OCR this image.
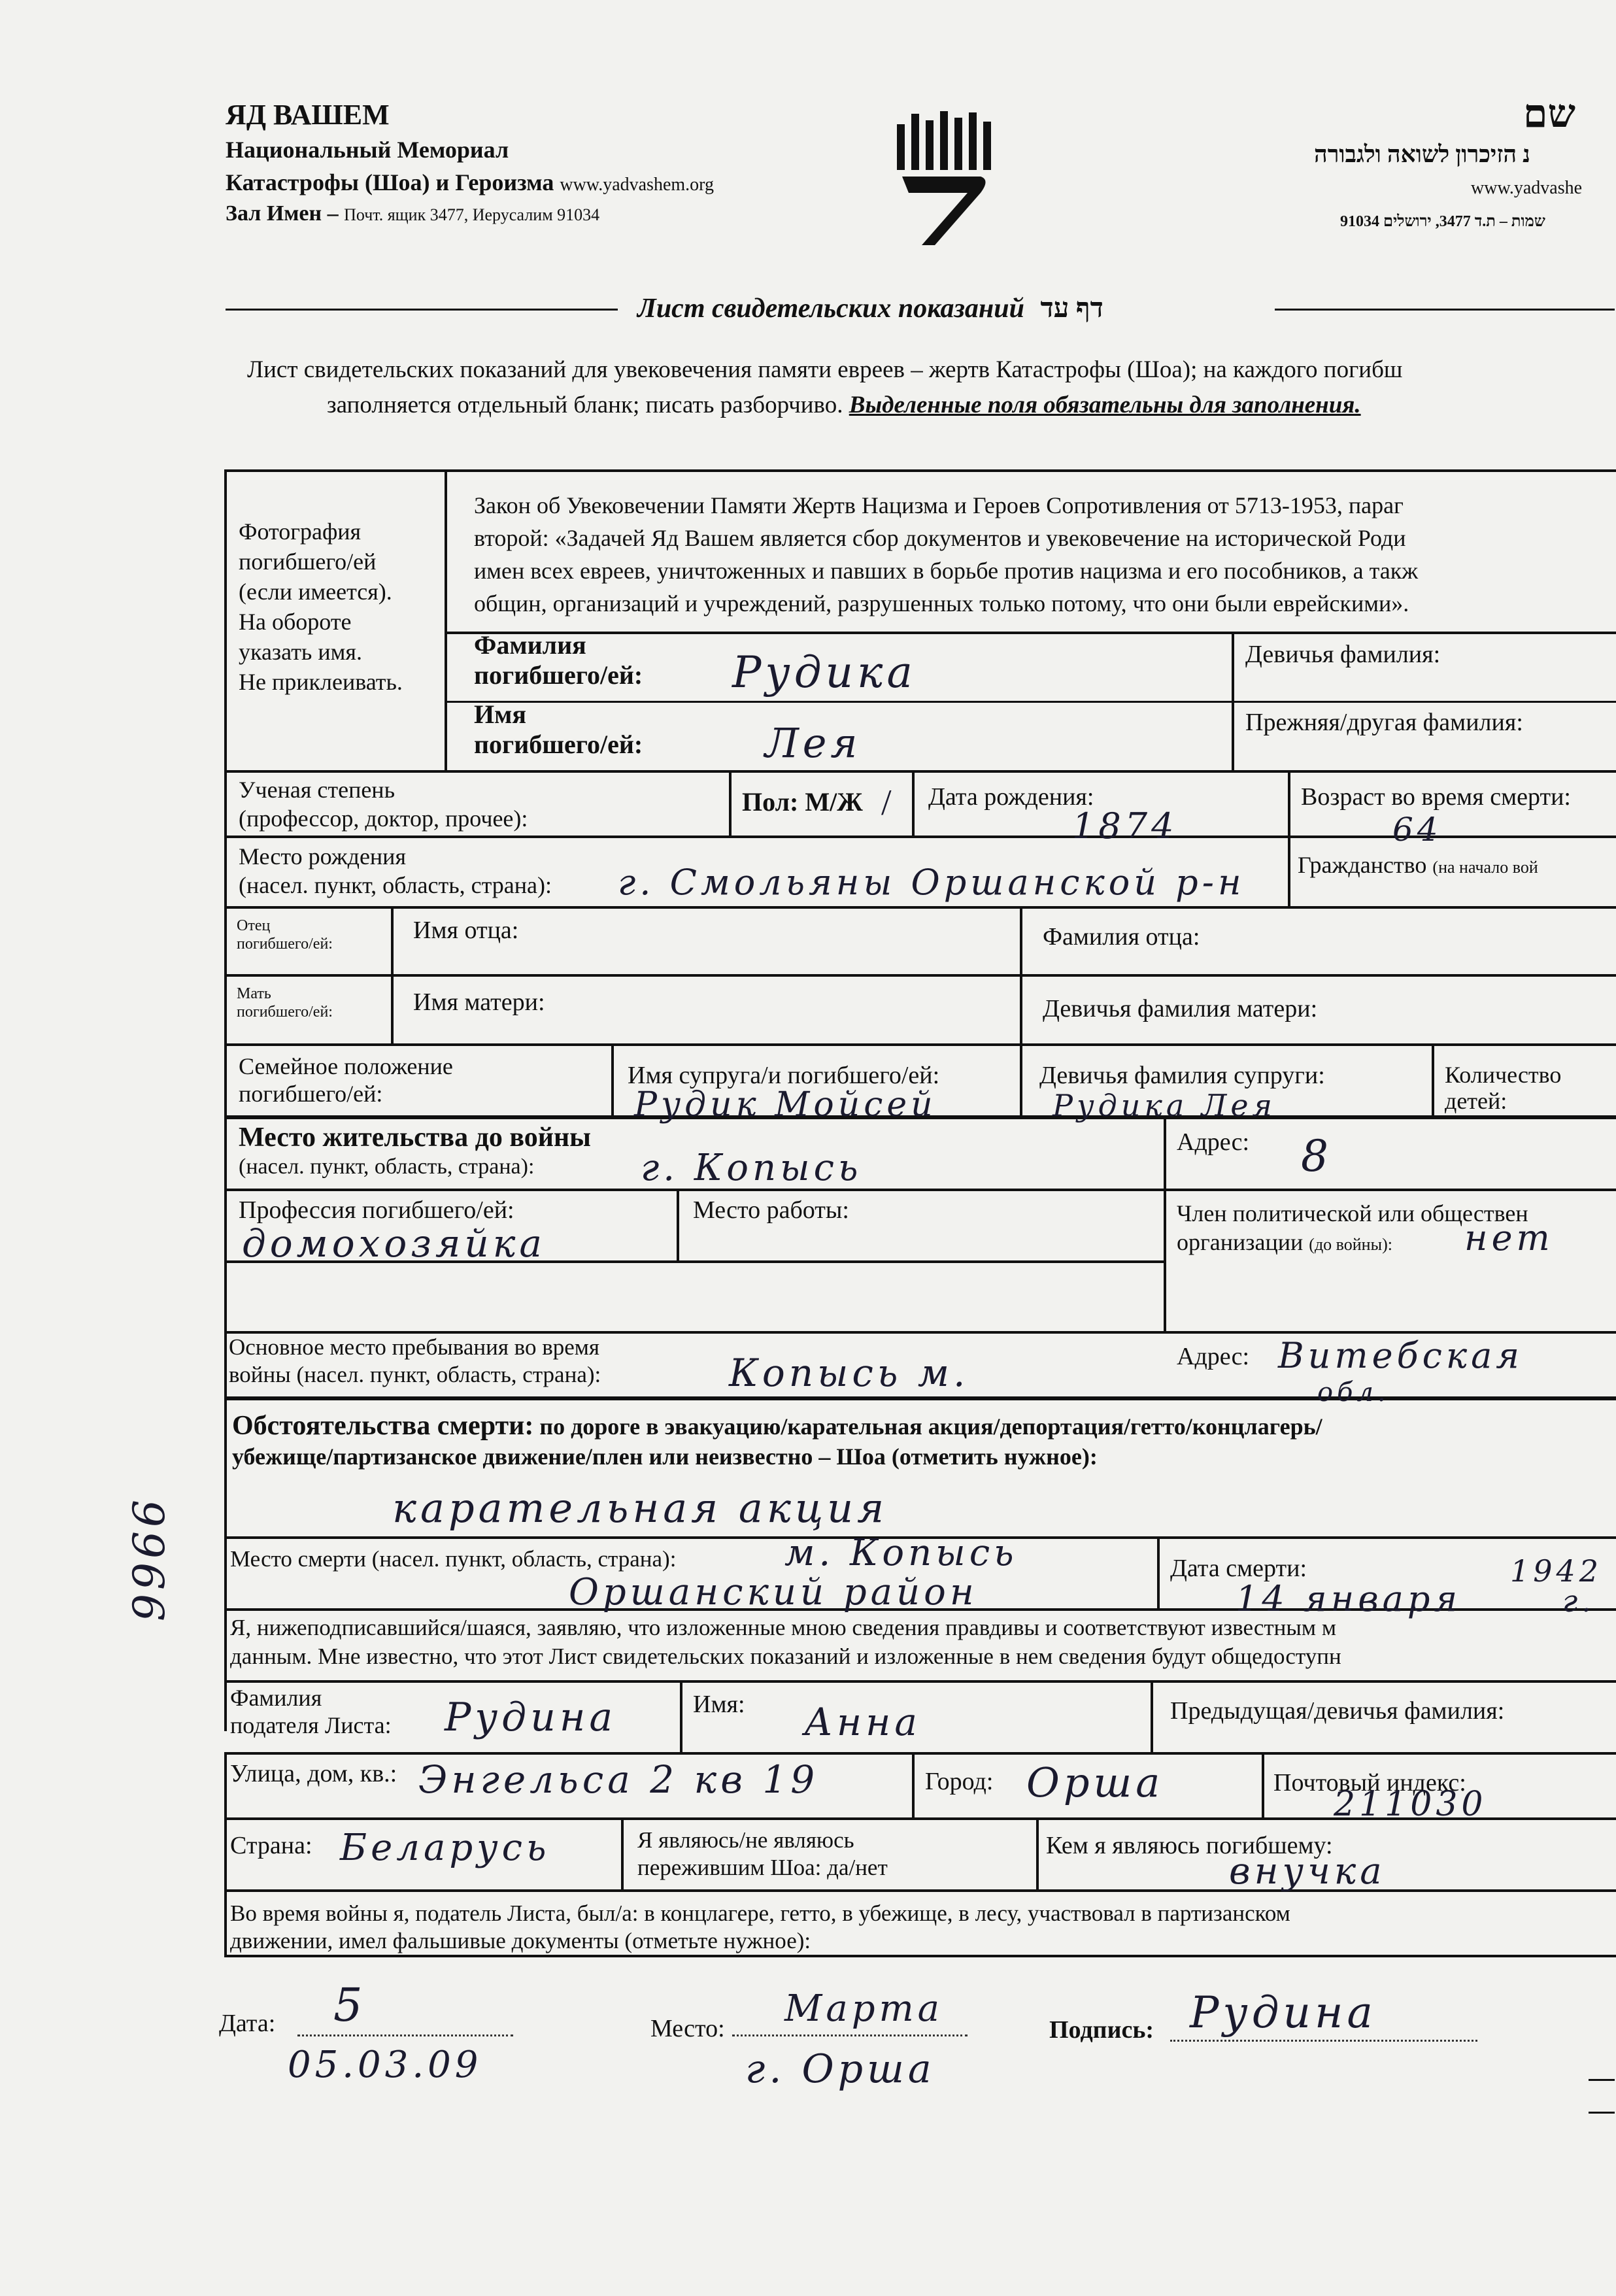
ЯД ВАШЕМ
Национальный Мемориал
Катастрофы (Шоа) и Героизма www.yadvashem.org
Зал Имен – Почт. ящик 3477, Иерусалим 91034
שם
נ הזיכרון לשואה ולגבורה
www.yadvashe
שמות – ת.ד 3477, ירושלים 91034
Лист свидетельских показаний דף עד
Лист свидетельских показаний для увековечения памяти евреев – жертв Катастрофы (Шоа); на каждого погибш
заполняется отдельный бланк; писать разборчиво. Выделенные поля обязательны для заполнения.
Фотография
погибшего/ей
(если имеется).
На обороте
указать имя.
Не приклеивать.
Закон об Увековечении Памяти Жертв Нацизма и Героев Сопротивления от 5713-1953, параг
второй: «Задачей Яд Вашем является сбор документов и увековечение на исторической Роди
имен всех евреев, уничтоженных и павших в борьбе против нацизма и его пособников, а такж
общин, организаций и учреждений, разрушенных только потому, что они были еврейскими».
Фамилия
погибшего/ей: Рудика	Девичья фамилия:
Имя
погибшего/ей:	Лея	Прежняя/другая фамилия:
Ученая степень
(профессор, доктор, прочее):
Пол: М/Ж / Дата рождения:
1874
Возраст во время смерти:
64
Место рождения
(насел. пункт, область, страна): г. Смольяны Оршанской р-н Гражданство (на начало вой
Отец
погибшего/ей:	Имя отца:	Фамилия отца:
Мать
погибшего/ей:	Имя матери:	Девичья фамилия матери:
Семейное положение
погибшего/ей:
Имя супруга/и погибшего/ей:
Рудик Мойсей
Девичья фамилия супруги:
Рудика Лея
Количество
детей:
Место жительства до войны
(насел. пункт, область, страна):	г. Копысь
Адрес: 8
Профессия погибшего/ей:
домохозяйка
Место работы:	Член политической или обществен
организации (до войны):	нет
Основное место пребывания во время
войны (насел. пункт, область, страна):	Копысь м.	Адрес: Витебская
обл.
Обстоятельства смерти: по дороге в эвакуацию/карательная акция/депортация/гетто/концлагерь/
убежище/партизанское движение/плен или неизвестно – Шоа (отметить нужное):
карательная акция
Место смерти (насел. пункт, область, страна):	м. Копысь
Оршанский район
Дата смерти:
14 января
1942
г.
9966
Я, нижеподписавшийся/шаяся, заявляю, что изложенные мною сведения правдивы и соответствуют известным м
данным. Мне известно, что этот Лист свидетельских показаний и изложенные в нем сведения будут общедоступн
Фамилия
подателя Листа: Рудина	Имя: Анна	Предыдущая/девичья фамилия:
Улица, дом, кв.: Энгельса 2 кв 19	Город: Орша	Почтовый индекс:
211030
Страна: Беларусь	Я являюсь/не являюсь
пережившим Шоа: да/нет
Кем я являюсь погибшему:
внучка
Во время войны я, податель Листа, был/а: в концлагере, гетто, в убежище, в лесу, участвовал в партизанском
движении, имел фальшивые документы (отметьте нужное):
Дата: 5
05.03.09
Место: Марта
г. Орша
Подпись: Рудина
